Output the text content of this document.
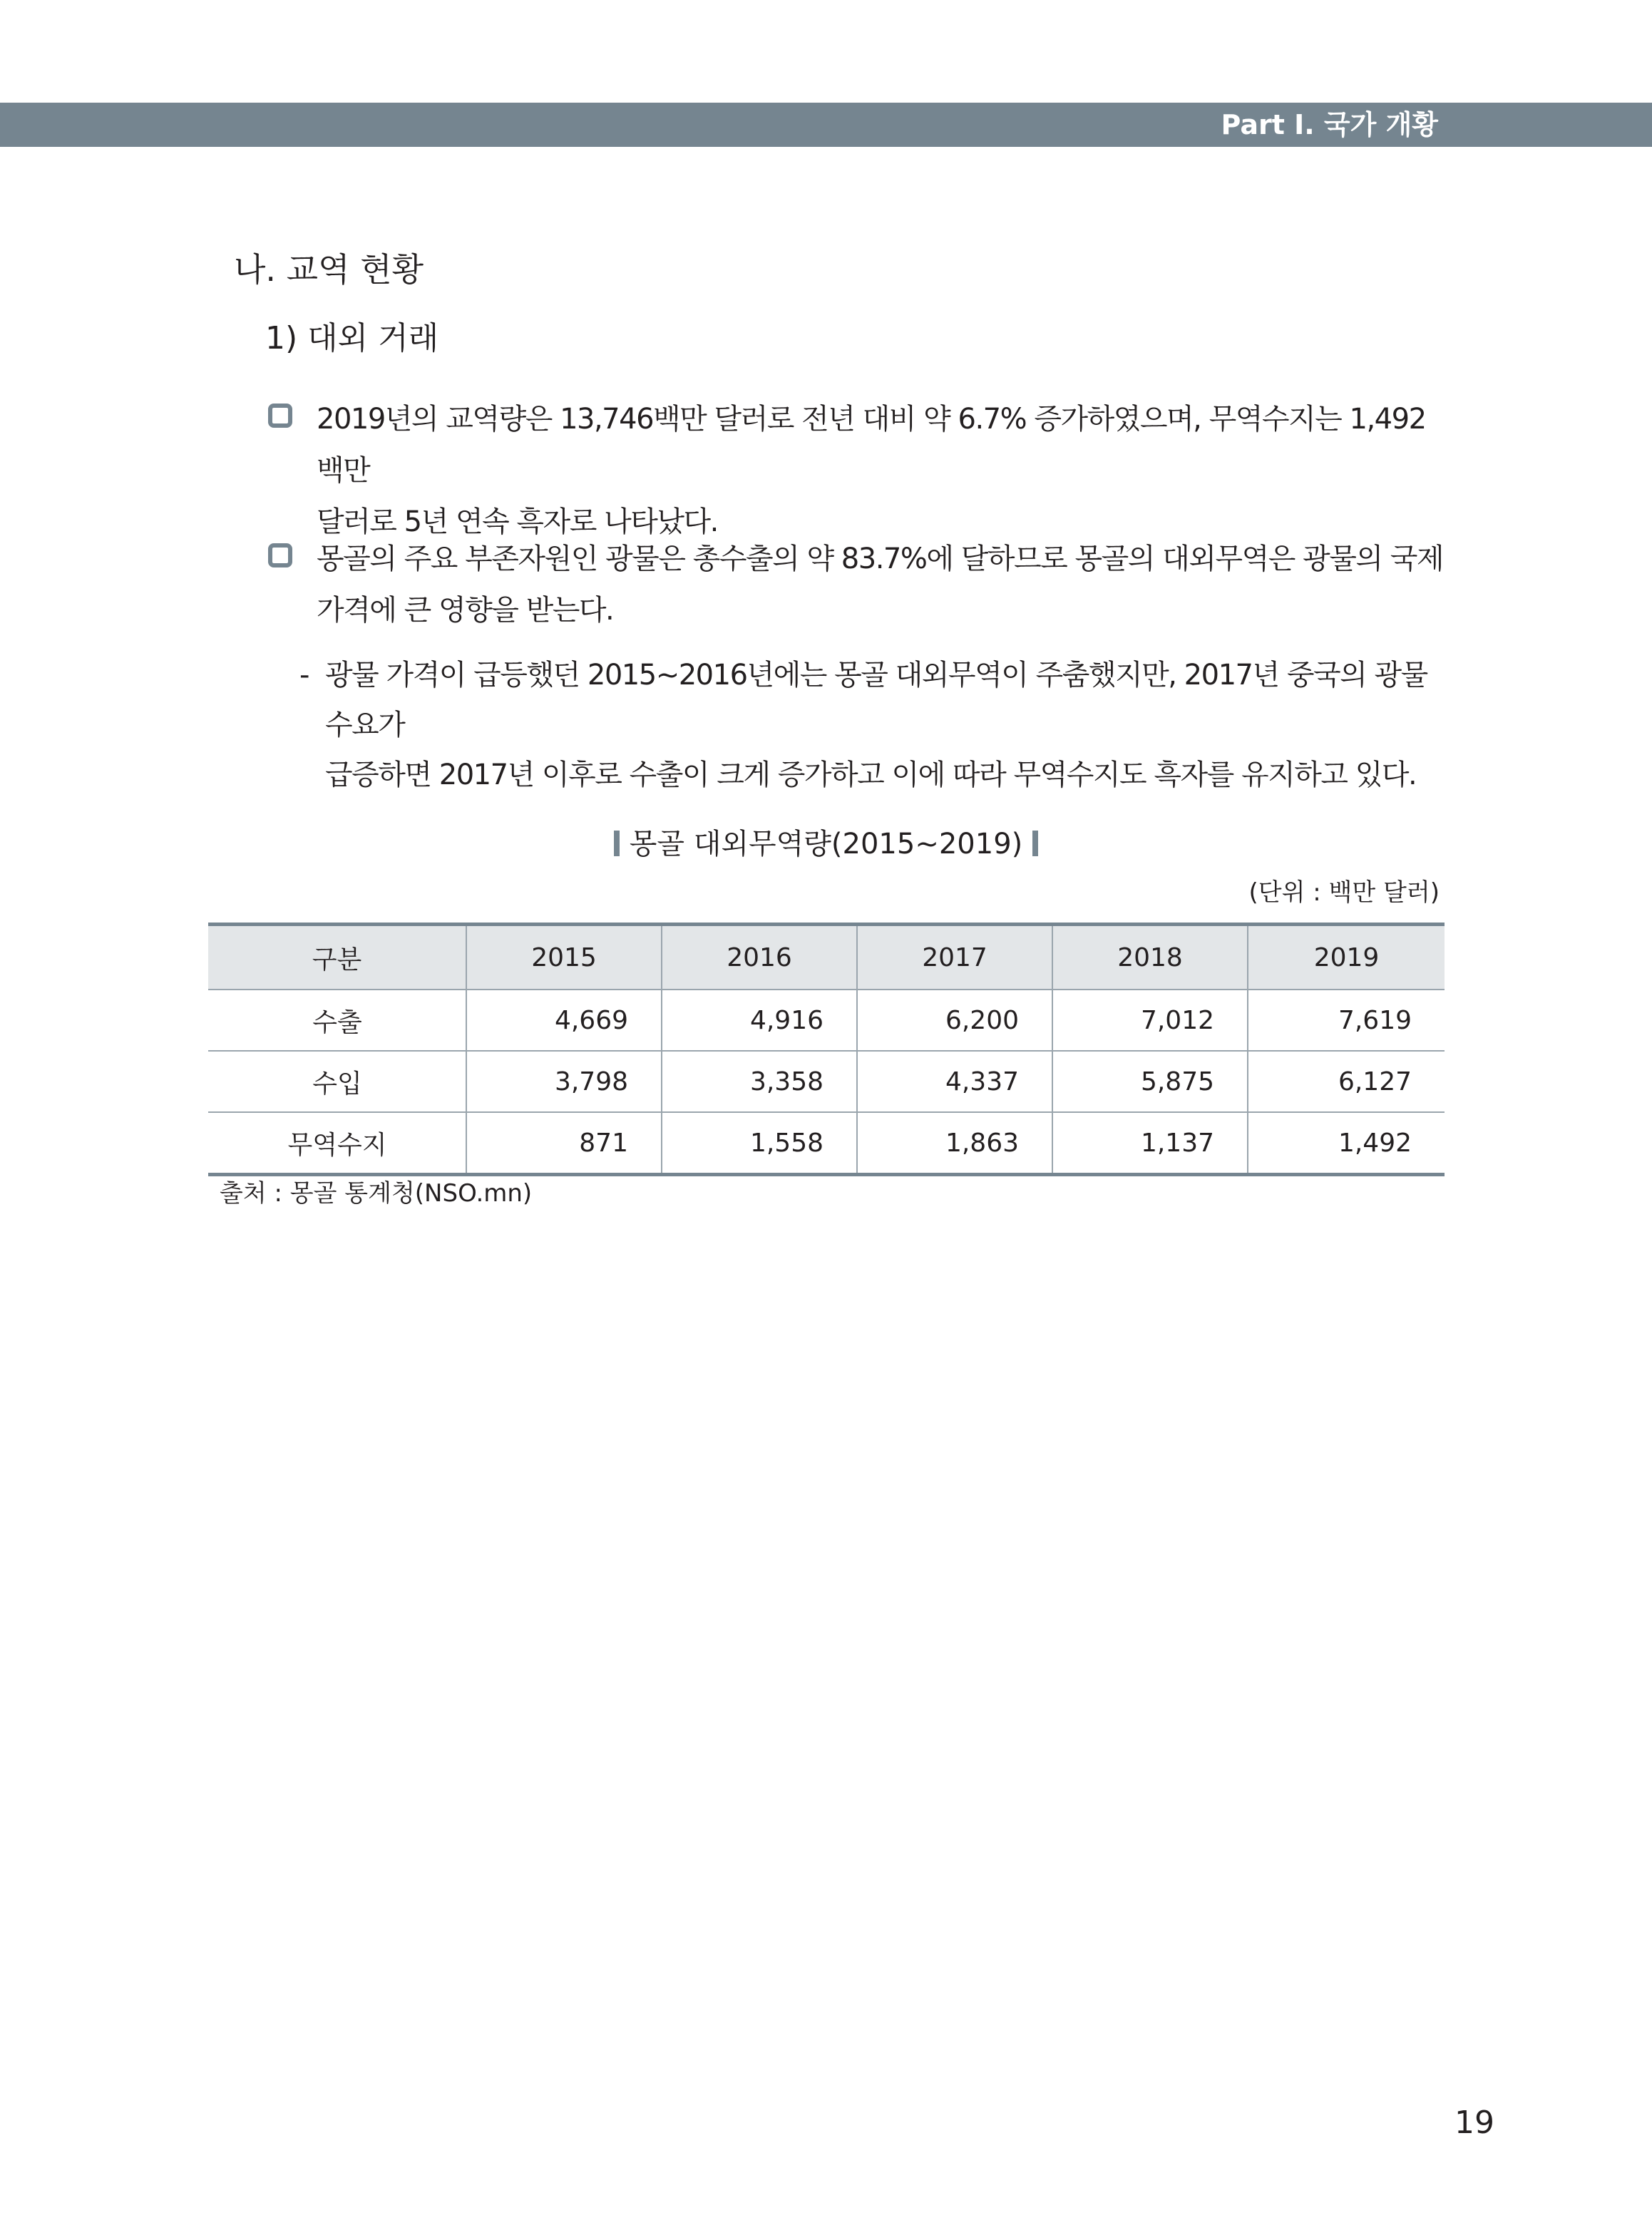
Part Ⅰ. 국가 개황
나. 교역 현황
1) 대외 거래
2019년의 교역량은 13,746백만 달러로 전년 대비 약 6.7% 증가하였으며, 무역수지는 1,492백만
달러로 5년 연속 흑자로 나타났다.
몽골의 주요 부존자원인 광물은 총수출의 약 83.7%에 달하므로 몽골의 대외무역은 광물의 국제
가격에 큰 영향을 받는다.
- 광물 가격이 급등했던 2015~2016년에는 몽골 대외무역이 주춤했지만, 2017년 중국의 광물 수요가
급증하면 2017년 이후로 수출이 크게 증가하고 이에 따라 무역수지도 흑자를 유지하고 있다.
몽골 대외무역량(2015~2019)
(단위 : 백만 달러)
구분	2015	2016	2017	2018	2019
수출	4,669	4,916	6,200	7,012	7,619
수입	3,798	3,358	4,337	5,875	6,127
무역수지	871	1,558	1,863	1,137	1,492
출처 : 몽골 통계청(NSO.mn)
19
